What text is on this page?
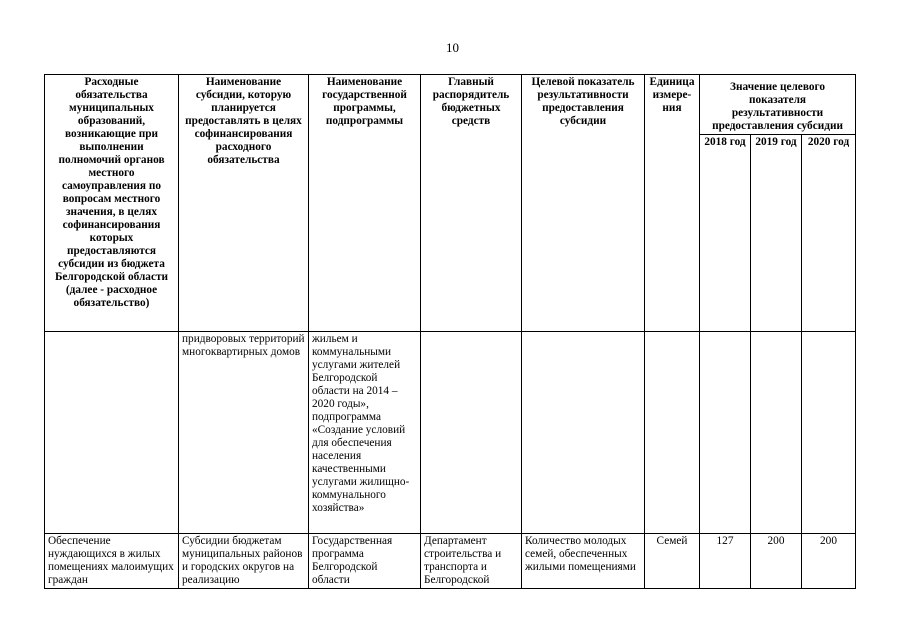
10
Расходные обязательства муниципальных образований, возникающие при выполнении полномочий органов местного самоуправления по вопросам местного значения, в целях софинансирования которых предоставляются субсидии из бюджета Белгородской области (далее - расходное обязательство)	Наименование субсидии, которую планируется предоставлять в целях софинансирования расходного обязательства	Наименование государственной программы, подпрограммы	Главный распорядитель бюджетных средств	Целевой показатель результативности предоставления субсидии	Единица измере-ния	Значение целевого показателя результативности предоставления субсидии		
						2018 год	2019 год	2020 год
	придворовых территорий многоквартирных домов	жильем и коммунальными услугами жителей Белгородской области на 2014 – 2020 годы», подпрограмма «Создание условий для обеспечения населения качественными услугами жилищно-коммунального хозяйства»						
Обеспечение нуждающихся в жилых помещениях малоимущих граждан	Субсидии бюджетам муниципальных районов и городских округов на реализацию	Государственная программа Белгородской области	Департамент строительства и транспорта и Белгородской	Количество молодых семей, обеспеченных жилыми помещениями	Семей	127	200	200
